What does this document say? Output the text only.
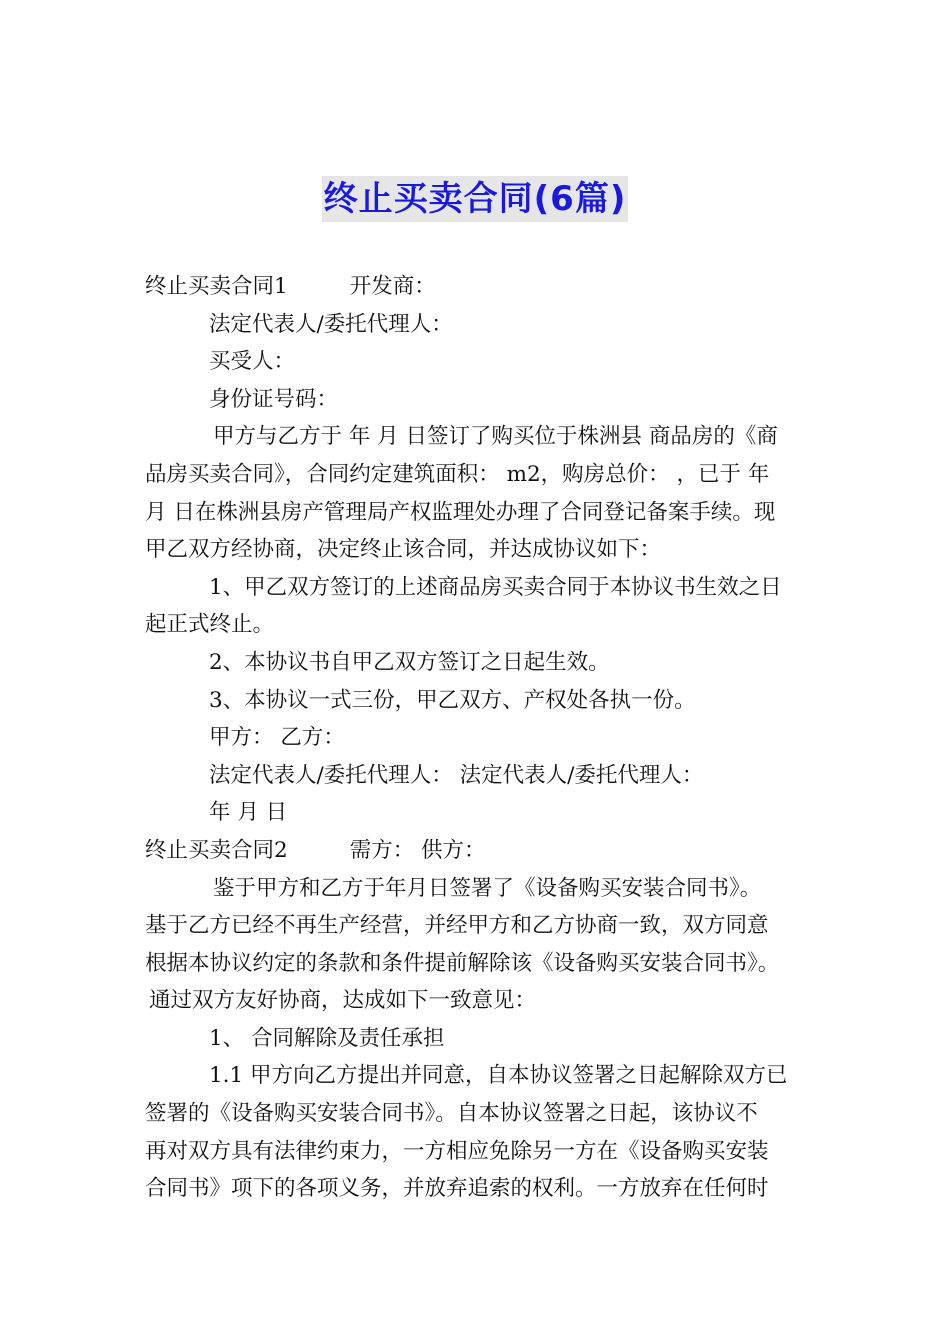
终止买卖合同(6篇)
终止买卖合同1	开发商：
法定代表人/委托代理人：
买受人：
身份证号码：
甲方与乙方于 年 月 日签订了购买位于株洲县 商品房的《商
品房买卖合同》，合同约定建筑面积： m2，购房总价： ，已于 年
月 日在株洲县房产管理局产权监理处办理了合同登记备案手续。现
甲乙双方经协商，决定终止该合同，并达成协议如下：
1、甲乙双方签订的上述商品房买卖合同于本协议书生效之日
起正式终止。
2、本协议书自甲乙双方签订之日起生效。
3、本协议一式三份，甲乙双方、产权处各执一份。
甲方： 乙方：
法定代表人/委托代理人： 法定代表人/委托代理人：
年 月 日
终止买卖合同2	需方： 供方：
鉴于甲方和乙方于年月日签署了《设备购买安装合同书》。
基于乙方已经不再生产经营，并经甲方和乙方协商一致，双方同意
根据本协议约定的条款和条件提前解除该《设备购买安装合同书》。
通过双方友好协商，达成如下一致意见：
1、 合同解除及责任承担
1.1 甲方向乙方提出并同意，自本协议签署之日起解除双方已
签署的《设备购买安装合同书》。自本协议签署之日起，该协议不
再对双方具有法律约束力，一方相应免除另一方在《设备购买安装
合同书》项下的各项义务，并放弃追索的权利。一方放弃在任何时
